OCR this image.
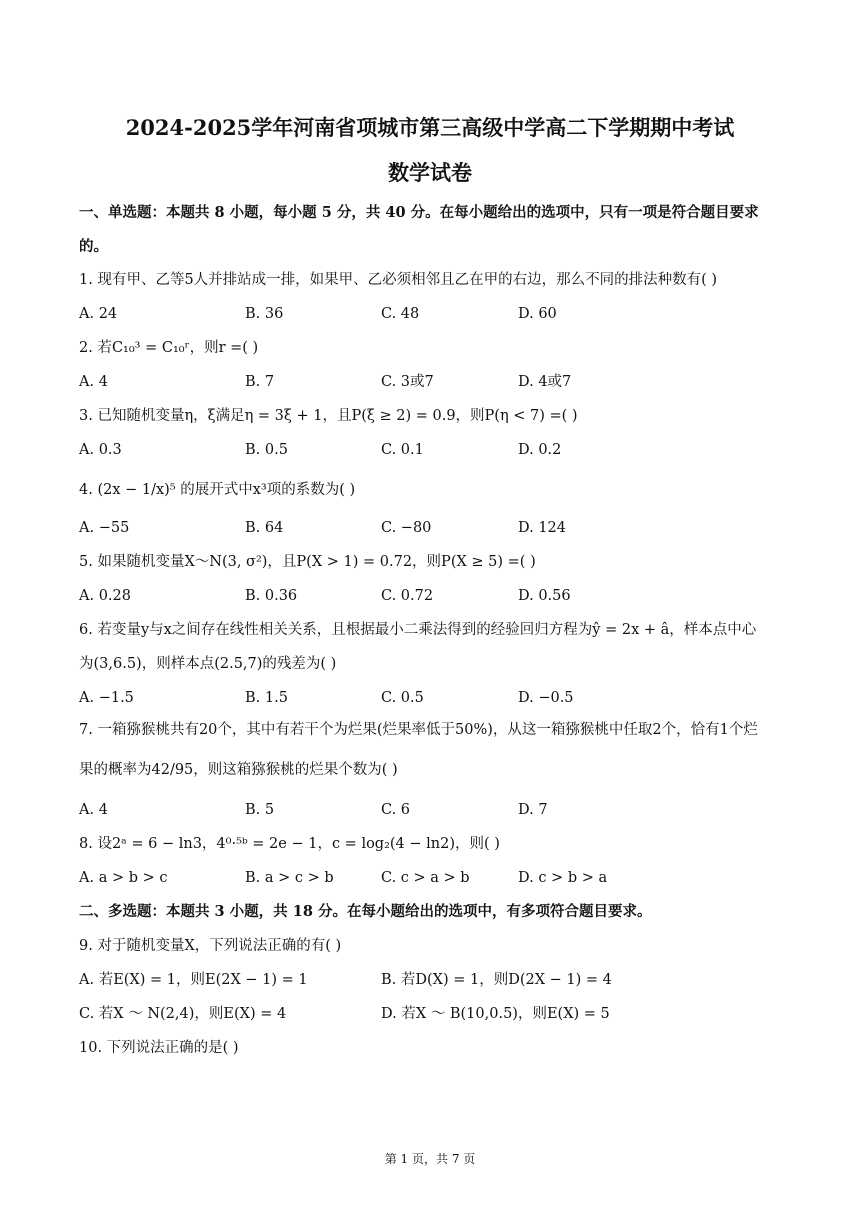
2024-2025学年河南省项城市第三高级中学高二下学期期中考试
数学试卷
一、单选题：本题共 8 小题，每小题 5 分，共 40 分。在每小题给出的选项中，只有一项是符合题目要求
的。
1. 现有甲、乙等5人并排站成一排，如果甲、乙必须相邻且乙在甲的右边，那么不同的排法种数有( )
A. 24	B. 36	C. 48	D. 60
2. 若C₁₀³ = C₁₀ʳ，则r =( )
A. 4	B. 7	C. 3或7	D. 4或7
3. 已知随机变量η，ξ满足η = 3ξ + 1，且P(ξ ≥ 2) = 0.9，则P(η < 7) =( )
A. 0.3	B. 0.5	C. 0.1	D. 0.2
4. (2x − 1/x)⁵ 的展开式中x³项的系数为( )
A. −55	B. 64	C. −80	D. 124
5. 如果随机变量X～N(3, σ²)，且P(X > 1) = 0.72，则P(X ≥ 5) =( )
A. 0.28	B. 0.36	C. 0.72	D. 0.56
6. 若变量y与x之间存在线性相关关系，且根据最小二乘法得到的经验回归方程为ŷ = 2x + â，样本点中心
为(3,6.5)，则样本点(2.5,7)的残差为( )
A. −1.5	B. 1.5	C. 0.5	D. −0.5
7. 一箱猕猴桃共有20个，其中有若干个为烂果(烂果率低于50%)，从这一箱猕猴桃中任取2个，恰有1个烂
果的概率为42/95，则这箱猕猴桃的烂果个数为( )
A. 4	B. 5	C. 6	D. 7
8. 设2ᵃ = 6 − ln3，4⁰·⁵ᵇ = 2e − 1，c = log₂(4 − ln2)，则( )
A. a > b > c	B. a > c > b	C. c > a > b	D. c > b > a
二、多选题：本题共 3 小题，共 18 分。在每小题给出的选项中，有多项符合题目要求。
9. 对于随机变量X，下列说法正确的有( )
A. 若E(X) = 1，则E(2X − 1) = 1	B. 若D(X) = 1，则D(2X − 1) = 4
C. 若X ～ N(2,4)，则E(X) = 4	D. 若X ～ B(10,0.5)，则E(X) = 5
10. 下列说法正确的是( )
第 1 页，共 7 页
